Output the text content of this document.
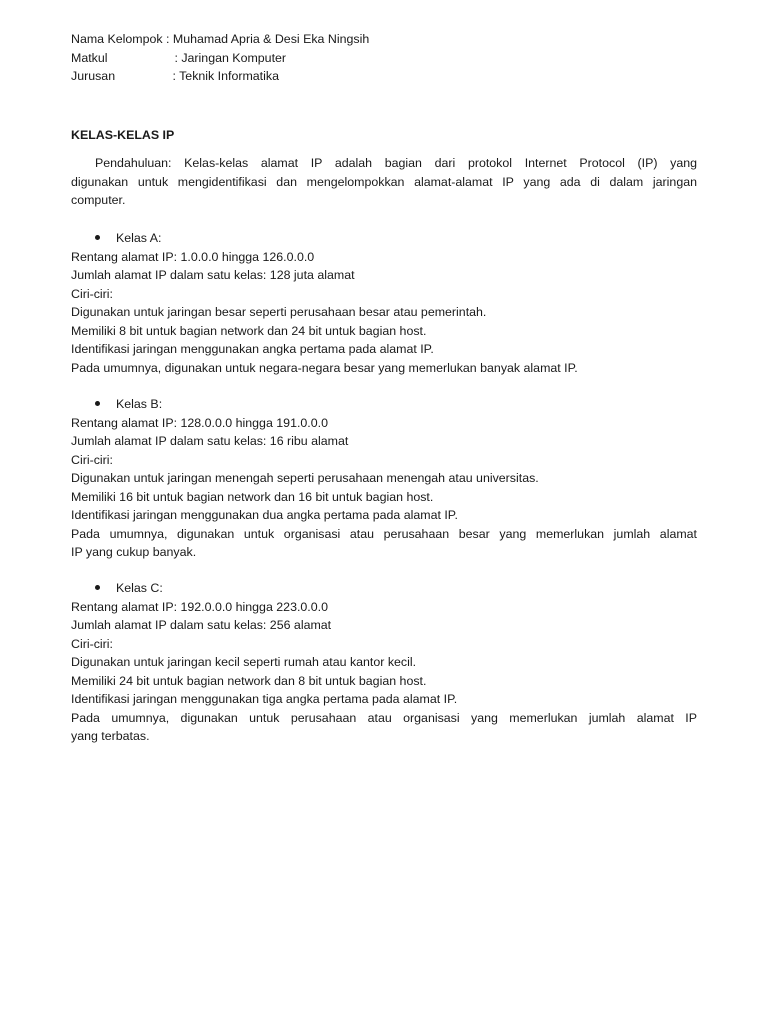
Nama Kelompok : Muhamad Apria & Desi Eka Ningsih
Matkul	: Jaringan Komputer
Jurusan	: Teknik Informatika
KELAS-KELAS IP
Pendahuluan: Kelas-kelas alamat IP adalah bagian dari protokol Internet Protocol (IP) yang
digunakan untuk mengidentifikasi dan mengelompokkan alamat-alamat IP yang ada di dalam jaringan
computer.
Kelas A:
Rentang alamat IP: 1.0.0.0 hingga 126.0.0.0
Jumlah alamat IP dalam satu kelas: 128 juta alamat
Ciri-ciri:
Digunakan untuk jaringan besar seperti perusahaan besar atau pemerintah.
Memiliki 8 bit untuk bagian network dan 24 bit untuk bagian host.
Identifikasi jaringan menggunakan angka pertama pada alamat IP.
Pada umumnya, digunakan untuk negara-negara besar yang memerlukan banyak alamat IP.
Kelas B:
Rentang alamat IP: 128.0.0.0 hingga 191.0.0.0
Jumlah alamat IP dalam satu kelas: 16 ribu alamat
Ciri-ciri:
Digunakan untuk jaringan menengah seperti perusahaan menengah atau universitas.
Memiliki 16 bit untuk bagian network dan 16 bit untuk bagian host.
Identifikasi jaringan menggunakan dua angka pertama pada alamat IP.
Pada umumnya, digunakan untuk organisasi atau perusahaan besar yang memerlukan jumlah alamat
IP yang cukup banyak.
Kelas C:
Rentang alamat IP: 192.0.0.0 hingga 223.0.0.0
Jumlah alamat IP dalam satu kelas: 256 alamat
Ciri-ciri:
Digunakan untuk jaringan kecil seperti rumah atau kantor kecil.
Memiliki 24 bit untuk bagian network dan 8 bit untuk bagian host.
Identifikasi jaringan menggunakan tiga angka pertama pada alamat IP.
Pada umumnya, digunakan untuk perusahaan atau organisasi yang memerlukan jumlah alamat IP
yang terbatas.
